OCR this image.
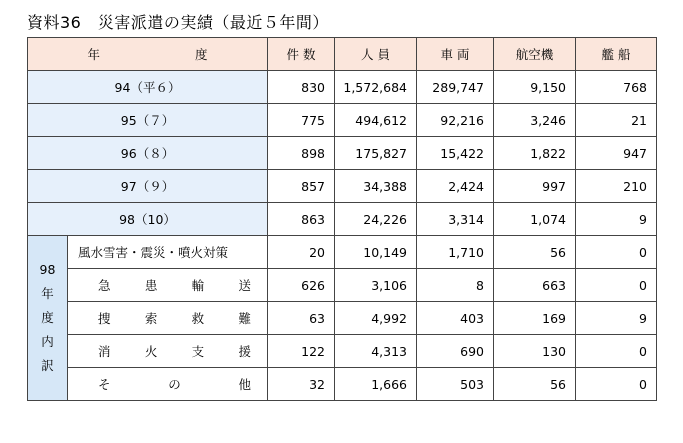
資料36　災害派遣の実績（最近５年間）
年 度		件 数	人 員	車 両	航空機	艦 船
94（平６）		830	1,572,684	289,747	9,150	768
95（７）		775	494,612	92,216	3,246	21
96（８）		898	175,827	15,422	1,822	947
97（９）		857	34,388	2,424	997	210
98（10）		863	24,226	3,314	1,074	9

98
年
度
内
訳	風水雪害・震災・噴火対策	20	10,149	1,710	56	0

	急 患 輸 送	626	3,106	8	663	0

	捜 索 救 難	63	4,992	403	169	9

	消 火 支 援	122	4,313	690	130	0

	そ の 他	32	1,666	503	56	0
